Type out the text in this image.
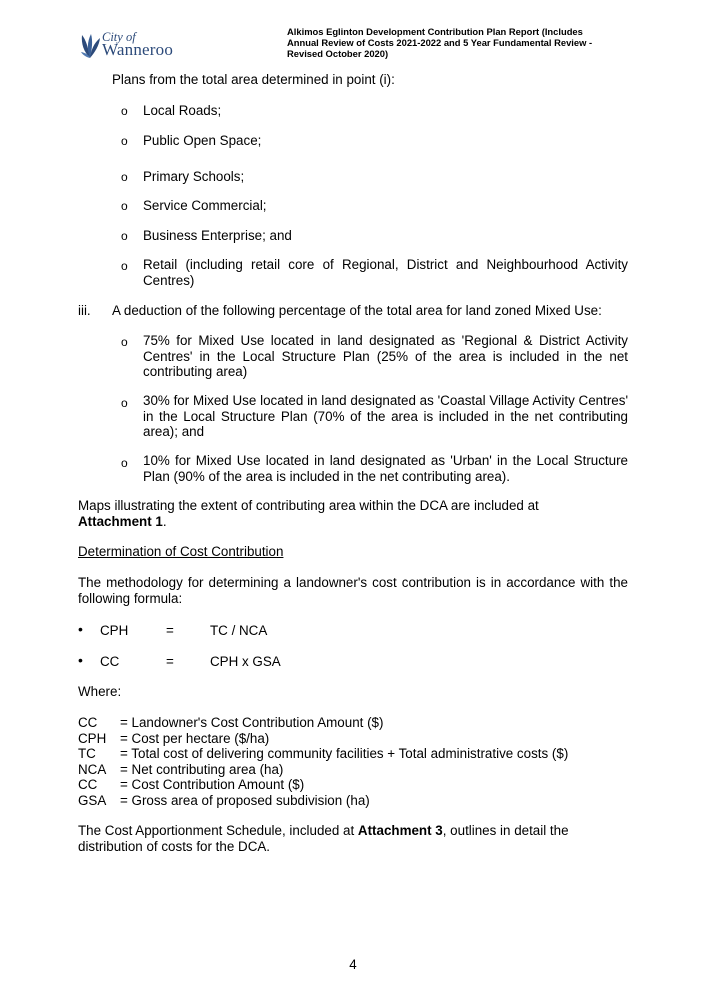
City of
Wanneroo
Alkimos Eglinton Development Contribution Plan Report (Includes
Annual Review of Costs 2021-2022 and 5 Year Fundamental Review -
Revised October 2020)
Plans from the total area determined in point (i):
o Local Roads;
o Public Open Space;
o Primary Schools;
o Service Commercial;
o Business Enterprise; and
o Retail (including retail core of Regional, District and Neighbourhood Activity Centres)
iii. A deduction of the following percentage of the total area for land zoned Mixed Use:
o 75% for Mixed Use located in land designated as 'Regional & District Activity Centres' in the Local Structure Plan (25% of the area is included in the net contributing area)
o 30% for Mixed Use located in land designated as 'Coastal Village Activity Centres' in the Local Structure Plan (70% of the area is included in the net contributing area); and
o 10% for Mixed Use located in land designated as 'Urban' in the Local Structure Plan (90% of the area is included in the net contributing area).
Maps illustrating the extent of contributing area within the DCA are included at
Attachment 1.
Determination of Cost Contribution
The methodology for determining a landowner's cost contribution is in accordance with the following formula:
• CPH	=	TC / NCA
• CC	=	CPH x GSA
Where:
CC = Landowner's Cost Contribution Amount ($)
CPH = Cost per hectare ($/ha)
TC = Total cost of delivering community facilities + Total administrative costs ($)
NCA = Net contributing area (ha)
CC = Cost Contribution Amount ($)
GSA = Gross area of proposed subdivision (ha)
The Cost Apportionment Schedule, included at Attachment 3, outlines in detail the distribution of costs for the DCA.
4
